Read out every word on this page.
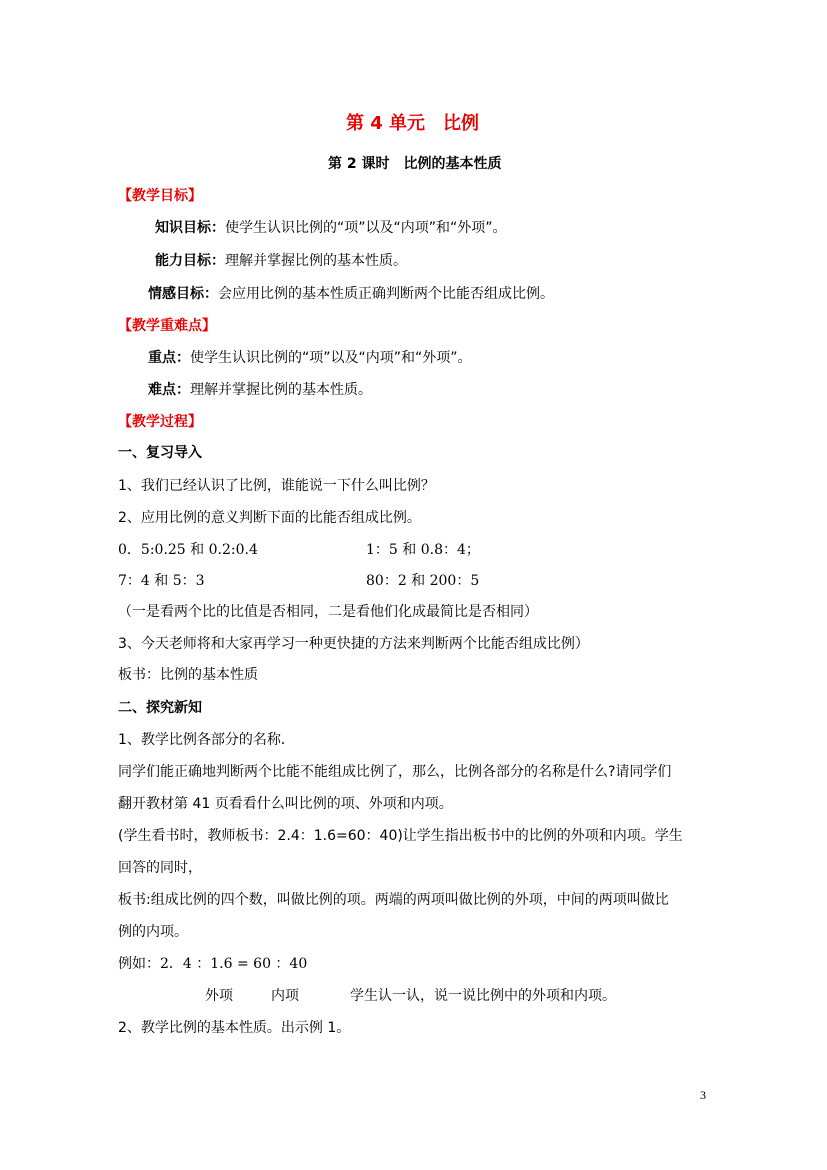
第 4 单元　比例
第 2 课时　比例的基本性质
【教学目标】
知识目标：使学生认识比例的“项”以及“内项”和“外项”。
能力目标：理解并掌握比例的基本性质。
情感目标：会应用比例的基本性质正确判断两个比能否组成比例。
【教学重难点】
重点：使学生认识比例的“项”以及“内项”和“外项”。
难点：理解并掌握比例的基本性质。
【教学过程】
一、复习导入
1、我们已经认识了比例，谁能说一下什么叫比例？
2、应用比例的意义判断下面的比能否组成比例。
0．5:0.25 和 0.2:0.4	1：5 和 0.8：4；
7：4 和 5：3	80：2 和 200：5
（一是看两个比的比值是否相同，二是看他们化成最简比是否相同）
3、今天老师将和大家再学习一种更快捷的方法来判断两个比能否组成比例）
板书：比例的基本性质
二、探究新知
1、教学比例各部分的名称．
同学们能正确地判断两个比能不能组成比例了，那么，比例各部分的名称是什么?请同学们
翻开教材第 41 页看看什么叫比例的项、外项和内项。
(学生看书时，教师板书：2.4：1.6=60：40)让学生指出板书中的比例的外项和内项。学生
回答的同时，
板书:组成比例的四个数，叫做比例的项。两端的两项叫做比例的外项，中间的两项叫做比
例的内项。
例如：2．4 ：1.6 = 60 ：40
外项	内项	学生认一认，说一说比例中的外项和内项。
2、教学比例的基本性质。出示例 1。
3
